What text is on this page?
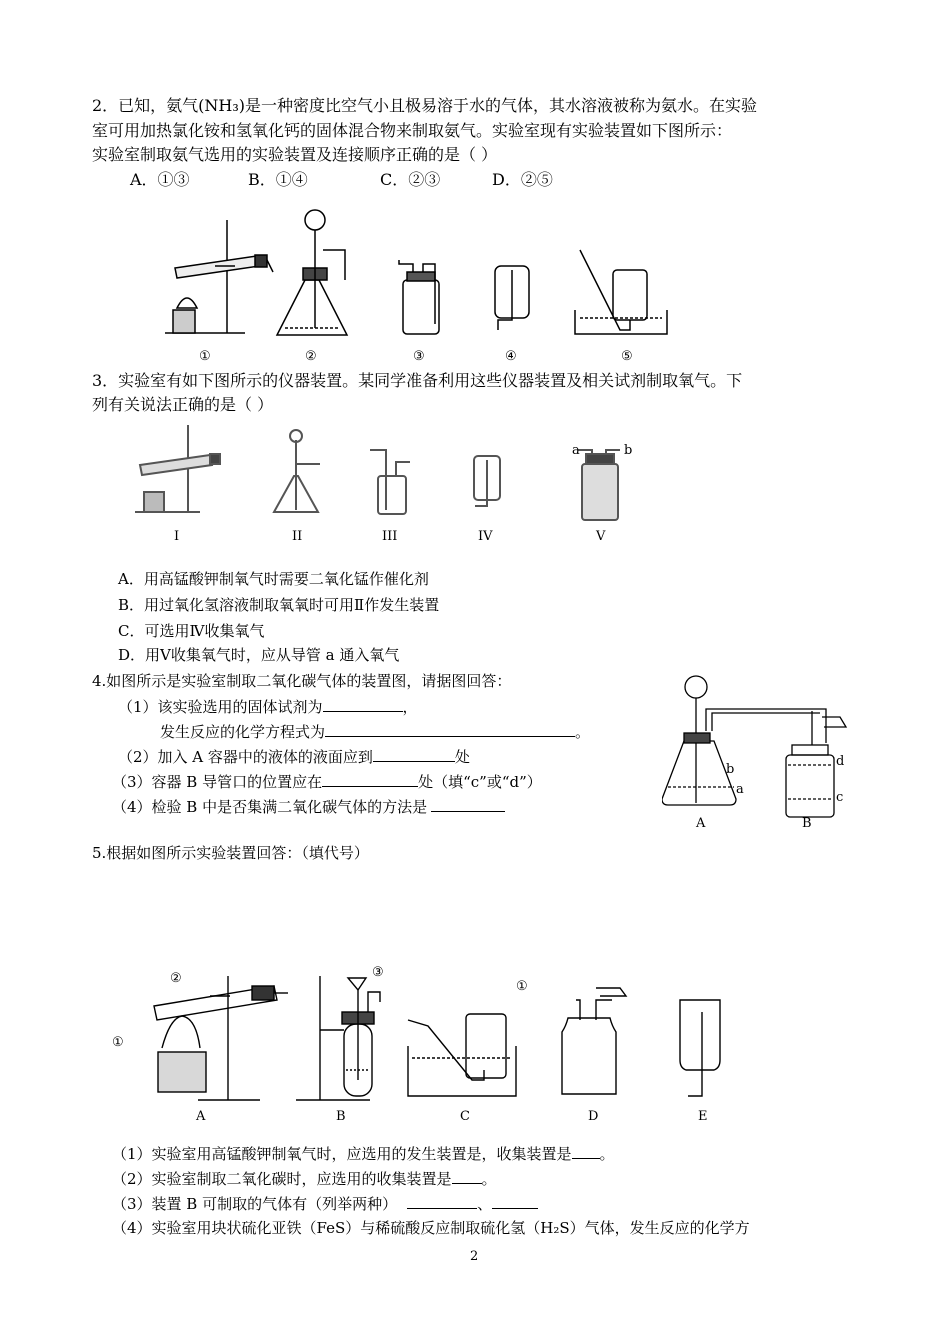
2．已知，氨气(NH₃)是一种密度比空气小且极易溶于水的气体，其水溶液被称为氨水。在实验
室可用加热氯化铵和氢氧化钙的固体混合物来制取氨气。实验室现有实验装置如下图所示：
实验室制取氨气选用的实验装置及连接顺序正确的是（ ）
A．①③	B．①④	C．②③	D．②⑤
①	②	③	④	⑤
3．实验室有如下图所示的仪器装置。某同学准备利用这些仪器装置及相关试剂制取氧气。下
列有关说法正确的是（ ）
a	b
I	II	III	IV	V
A．用高锰酸钾制氧气时需要二氧化锰作催化剂
B．用过氧化氢溶液制取氧氧时可用Ⅱ作发生装置
C．可选用Ⅳ收集氧气
D．用Ⅴ收集氧气时，应从导管 a 通入氧气
4.如图所示是实验室制取二氧化碳气体的装置图，请据图回答：
（1）该实验选用的固体试剂为	，
发生反应的化学方程式为	。
（2）加入 A 容器中的液体的液面应到	处
（3）容器 B 导管口的位置应在	处（填“c”或“d”）
（4）检验 B 中是否集满二氧化碳气体的方法是
b
a
d
c
A	B
5.根据如图所示实验装置回答：（填代号）
①
②	③
①
A	B	C	D	E
（1）实验室用高锰酸钾制氧气时，应选用的发生装置是，收集装置是 。
（2）实验室制取二氧化碳时，应选用的收集装置是 。
（3）装置 B 可制取的气体有（列举两种）	、
（4）实验室用块状硫化亚铁（FeS）与稀硫酸反应制取硫化氢（H₂S）气体，发生反应的化学方
2
